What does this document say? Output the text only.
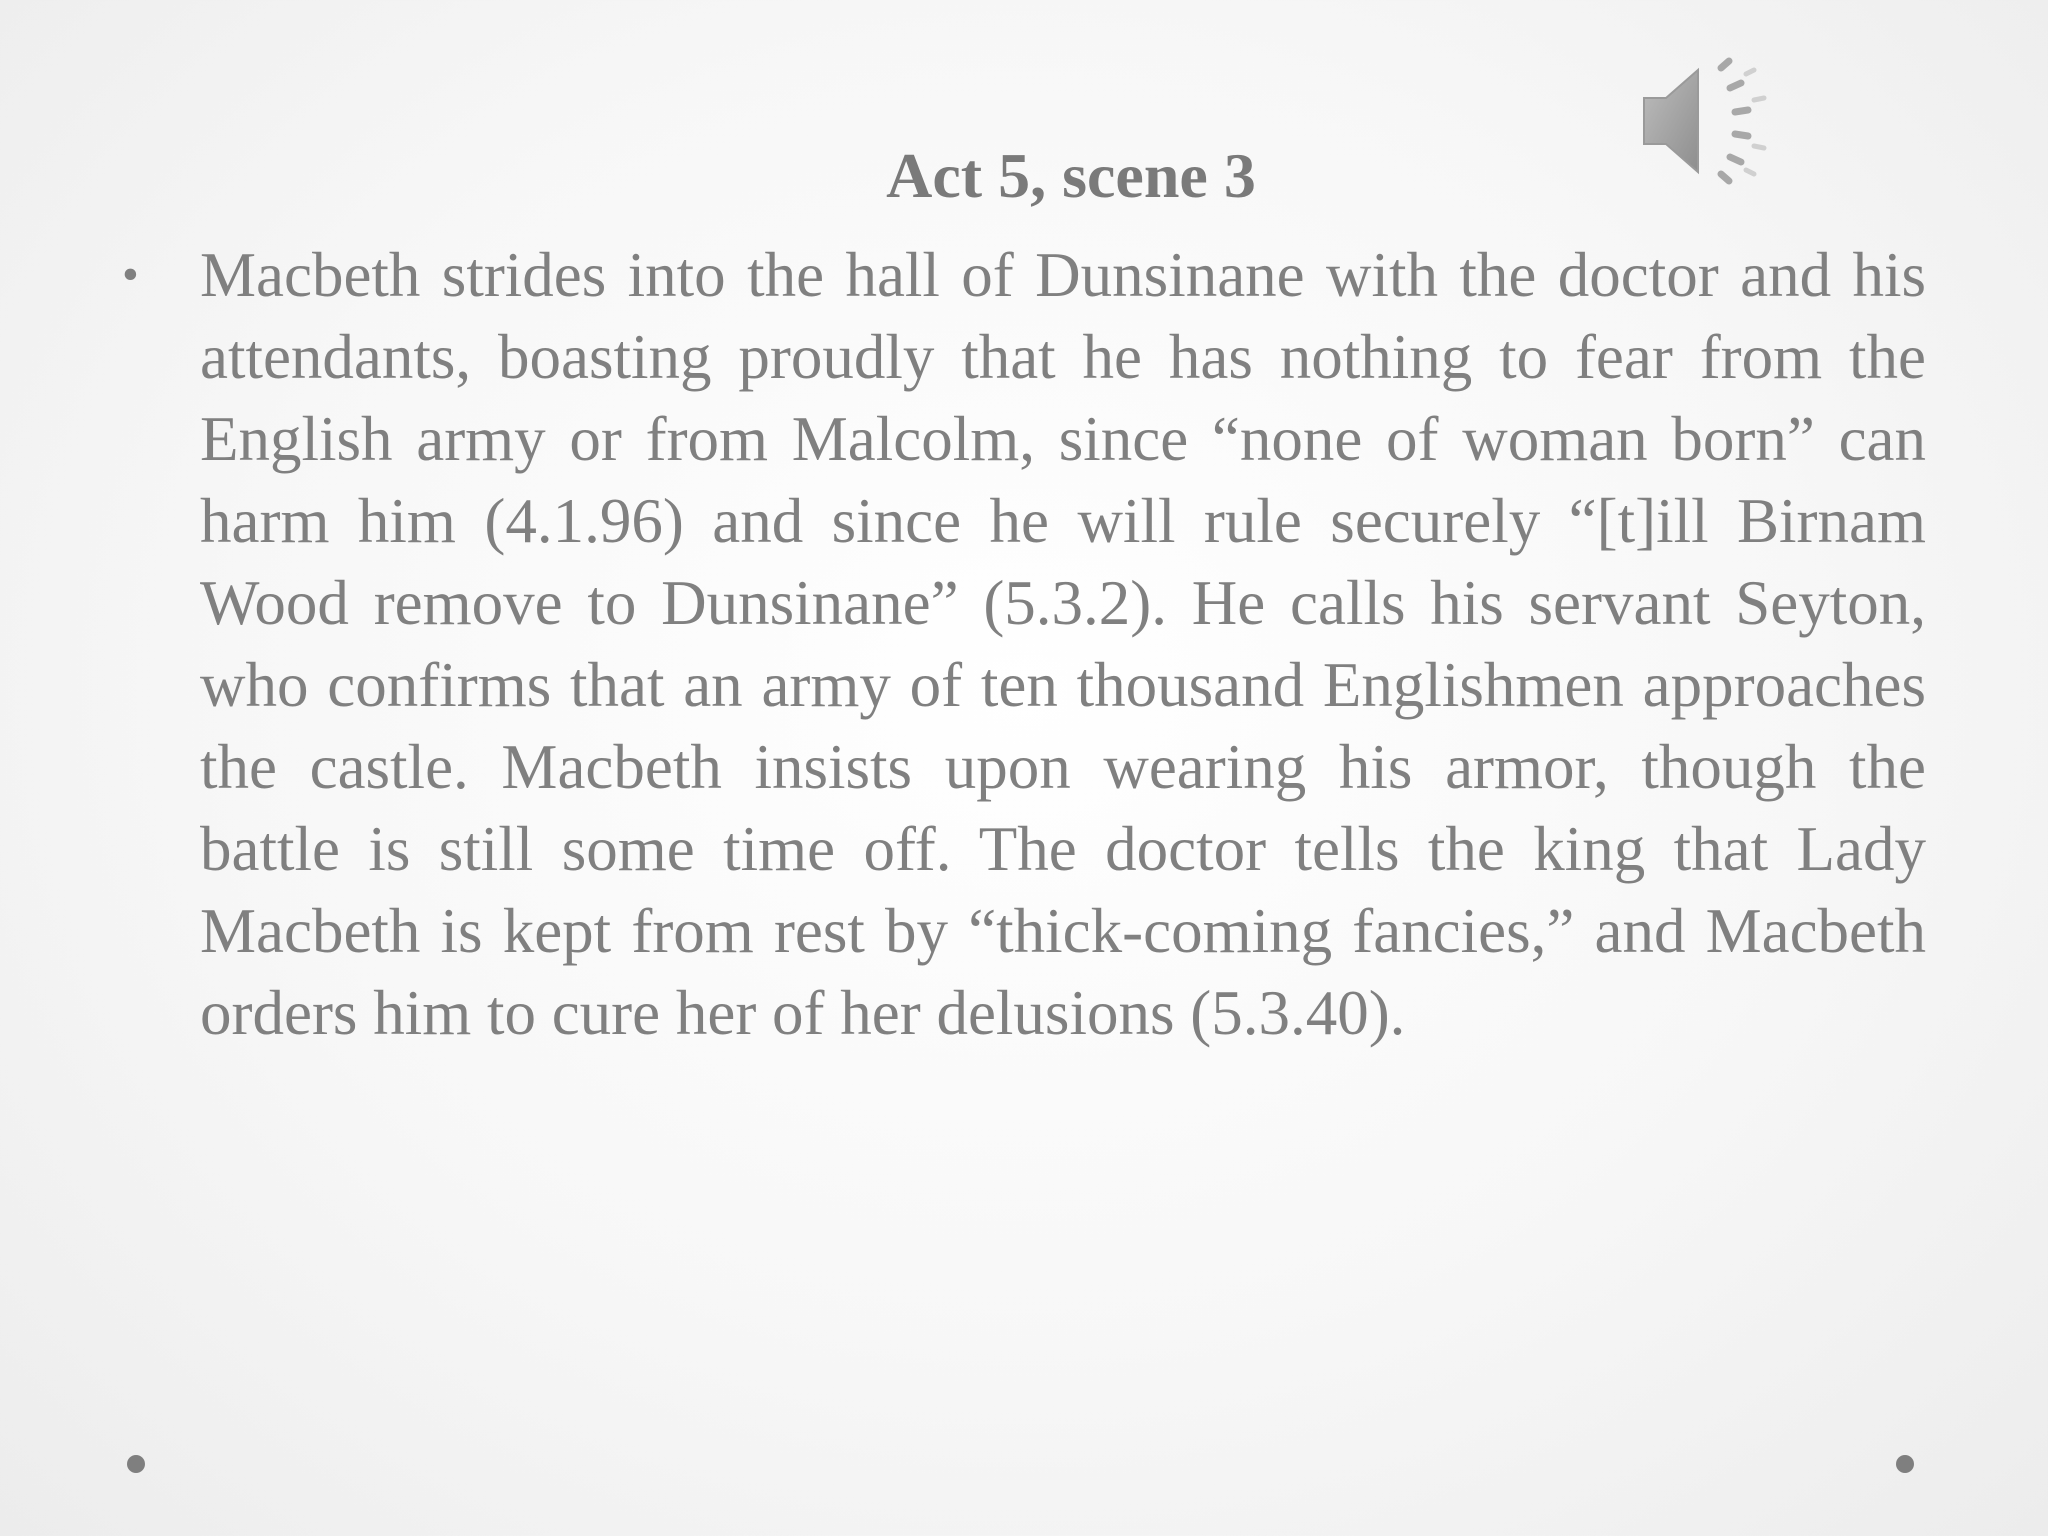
Act 5, scene 3
• Macbeth strides into the hall of Dunsinane with the doctor and his attendants, boasting proudly that he has nothing to fear from the English army or from Malcolm, since “none of woman born” can harm him (4.1.96) and since he will rule securely “[t]ill Birnam Wood remove to Dunsinane” (5.3.2). He calls his servant Seyton, who confirms that an army of ten thousand Englishmen approaches the castle. Macbeth insists upon wearing his armor, though the battle is still some time off. The doctor tells the king that Lady Macbeth is kept from rest by “thick-coming fancies,” and Macbeth orders him to cure her of her delusions (5.3.40).
